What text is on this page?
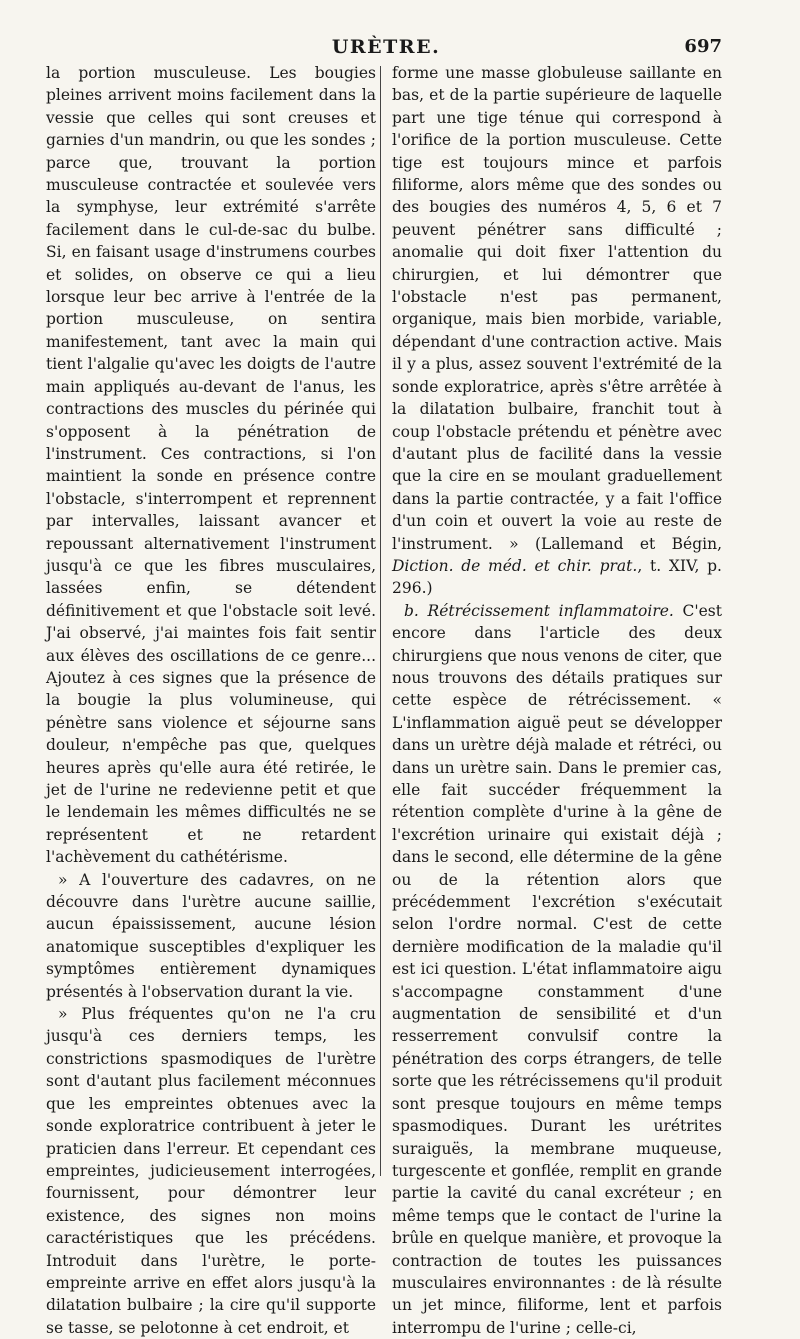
URÈTRE.	697

la portion musculeuse. Les bougies pleines arrivent moins facilement dans la vessie que celles qui sont creuses et garnies d'un mandrin, ou que les sondes ; parce que, trouvant la portion musculeuse contractée et soulevée vers la symphyse, leur extrémité s'arrête facilement dans le cul-de-sac du bulbe. Si, en faisant usage d'instrumens courbes et solides, on observe ce qui a lieu lorsque leur bec arrive à l'entrée de la portion musculeuse, on sentira manifestement, tant avec la main qui tient l'algalie qu'avec les doigts de l'autre main appliqués au-devant de l'anus, les contractions des muscles du périnée qui s'opposent à la pénétration de l'instrument. Ces contractions, si l'on maintient la sonde en présence contre l'obstacle, s'interrompent et reprennent par intervalles, laissant avancer et repoussant alternativement l'instrument jusqu'à ce que les fibres musculaires, lassées enfin, se détendent définitivement et que l'obstacle soit levé. J'ai observé, j'ai maintes fois fait sentir aux élèves des oscillations de ce genre... Ajoutez à ces signes que la présence de la bougie la plus volumineuse, qui pénètre sans violence et séjourne sans douleur, n'empêche pas que, quelques heures après qu'elle aura été retirée, le jet de l'urine ne redevienne petit et que le lendemain les mêmes difficultés ne se représentent et ne retardent l'achèvement du cathétérisme.

» A l'ouverture des cadavres, on ne découvre dans l'urètre aucune saillie, aucun épaississement, aucune lésion anatomique susceptibles d'expliquer les symptômes entièrement dynamiques présentés à l'observation durant la vie.

» Plus fréquentes qu'on ne l'a cru jusqu'à ces derniers temps, les constrictions spasmodiques de l'urètre sont d'autant plus facilement méconnues que les empreintes obtenues avec la sonde exploratrice contribuent à jeter le praticien dans l'erreur. Et cependant ces empreintes, judicieusement interrogées, fournissent, pour démontrer leur existence, des signes non moins caractéristiques que les précédens. Introduit dans l'urètre, le porte-empreinte arrive en effet alors jusqu'à la dilatation bulbaire ; la cire qu'il supporte se tasse, se pelotonne à cet endroit, et

forme une masse globuleuse saillante en bas, et de la partie supérieure de laquelle part une tige ténue qui correspond à l'orifice de la portion musculeuse. Cette tige est toujours mince et parfois filiforme, alors même que des sondes ou des bougies des numéros 4, 5, 6 et 7 peuvent pénétrer sans difficulté ; anomalie qui doit fixer l'attention du chirurgien, et lui démontrer que l'obstacle n'est pas permanent, organique, mais bien morbide, variable, dépendant d'une contraction active. Mais il y a plus, assez souvent l'extrémité de la sonde exploratrice, après s'être arrêtée à la dilatation bulbaire, franchit tout à coup l'obstacle prétendu et pénètre avec d'autant plus de facilité dans la vessie que la cire en se moulant graduellement dans la partie contractée, y a fait l'office d'un coin et ouvert la voie au reste de l'instrument. » (Lallemand et Bégin, Diction. de méd. et chir. prat., t. XIV, p. 296.)

b. Rétrécissement inflammatoire. C'est encore dans l'article des deux chirurgiens que nous venons de citer, que nous trouvons des détails pratiques sur cette espèce de rétrécissement. « L'inflammation aiguë peut se développer dans un urètre déjà malade et rétréci, ou dans un urètre sain. Dans le premier cas, elle fait succéder fréquemment la rétention complète d'urine à la gêne de l'excrétion urinaire qui existait déjà ; dans le second, elle détermine de la gêne ou de la rétention alors que précédemment l'excrétion s'exécutait selon l'ordre normal. C'est de cette dernière modification de la maladie qu'il est ici question. L'état inflammatoire aigu s'accompagne constamment d'une augmentation de sensibilité et d'un resserrement convulsif contre la pénétration des corps étrangers, de telle sorte que les rétrécissemens qu'il produit sont presque toujours en même temps spasmodiques. Durant les urétrites suraiguës, la membrane muqueuse, turgescente et gonflée, remplit en grande partie la cavité du canal excréteur ; en même temps que le contact de l'urine la brûle en quelque manière, et provoque la contraction de toutes les puissances musculaires environnantes : de là résulte un jet mince, filiforme, lent et parfois interrompu de l'urine ; celle-ci,
